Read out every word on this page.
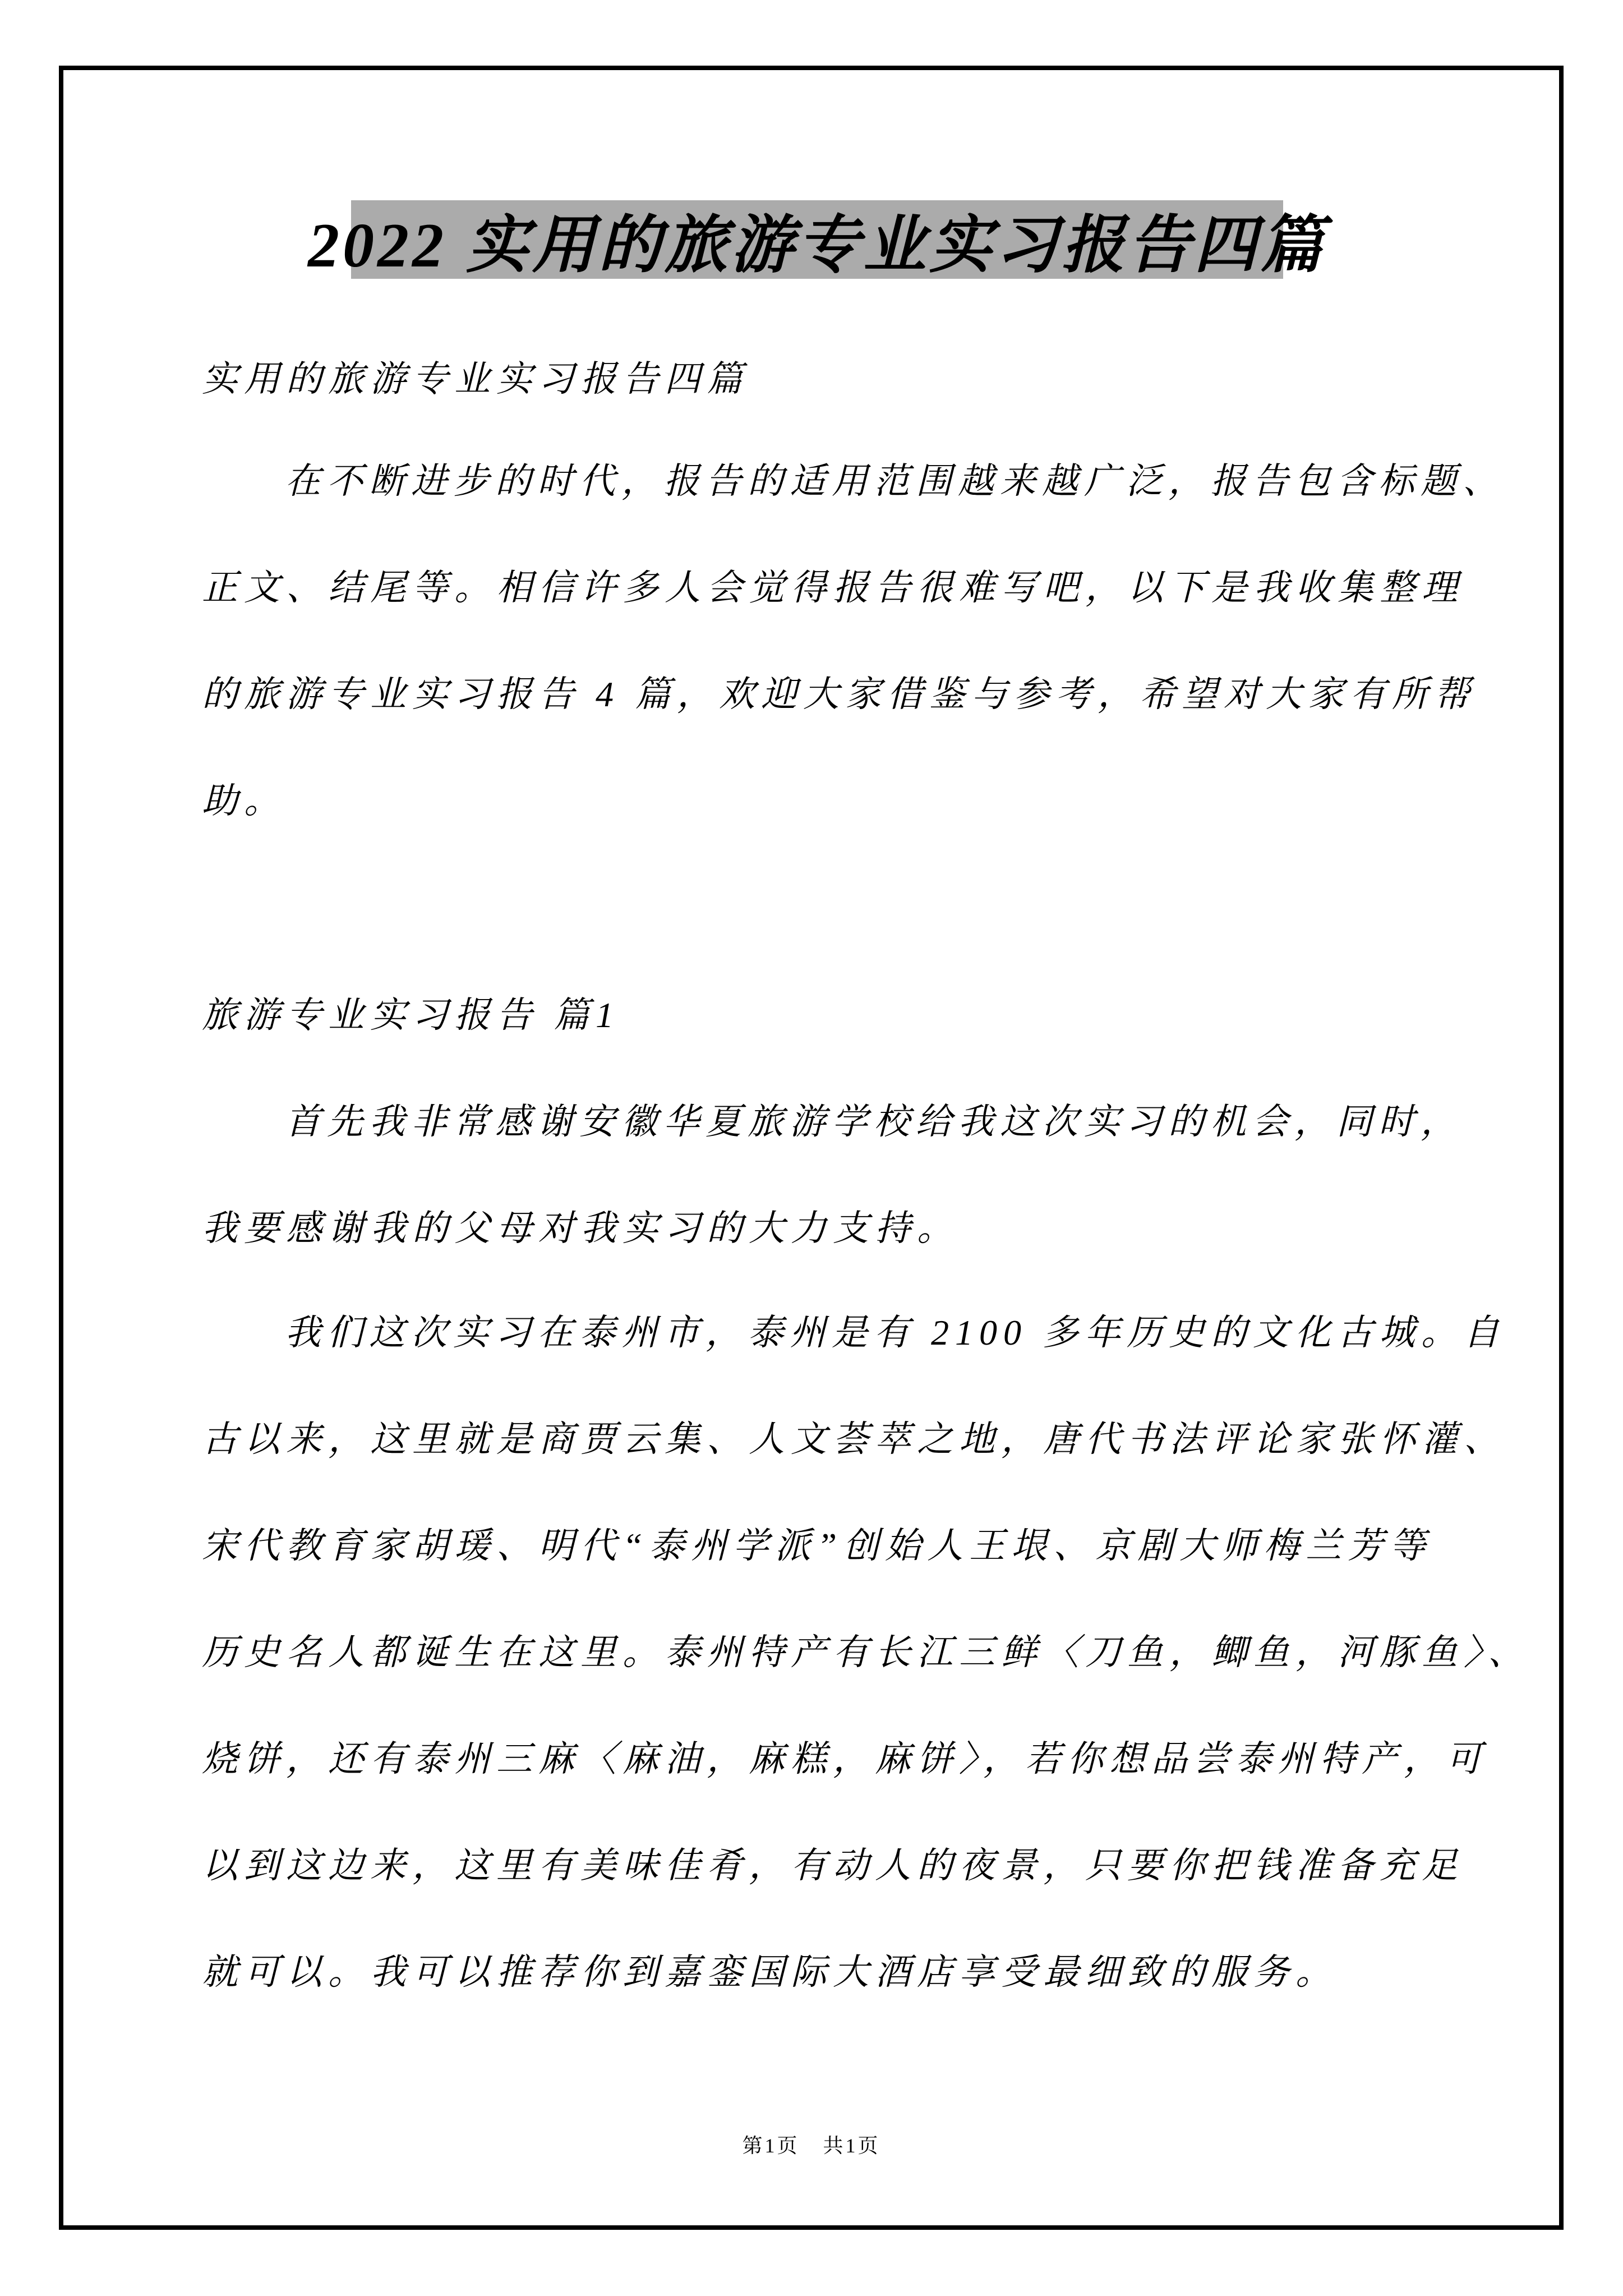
2022 实用的旅游专业实习报告四篇
实用的旅游专业实习报告四篇
在不断进步的时代，报告的适用范围越来越广泛，报告包含标题、
正文、结尾等。相信许多人会觉得报告很难写吧，以下是我收集整理
的旅游专业实习报告 4 篇，欢迎大家借鉴与参考，希望对大家有所帮
助。
旅游专业实习报告 篇1
首先我非常感谢安徽华夏旅游学校给我这次实习的机会，同时，
我要感谢我的父母对我实习的大力支持。
我们这次实习在泰州市，泰州是有 2100 多年历史的文化古城。自
古以来，这里就是商贾云集、人文荟萃之地，唐代书法评论家张怀灌、
宋代教育家胡瑗、明代“泰州学派”创始人王垠、京剧大师梅兰芳等
历史名人都诞生在这里。泰州特产有长江三鲜〈刀鱼，鲫鱼，河豚鱼〉、
烧饼，还有泰州三麻〈麻油，麻糕，麻饼〉，若你想品尝泰州特产，可
以到这边来，这里有美味佳肴，有动人的夜景，只要你把钱准备充足
就可以。我可以推荐你到嘉銮国际大酒店享受最细致的服务。
第1页 共1页
